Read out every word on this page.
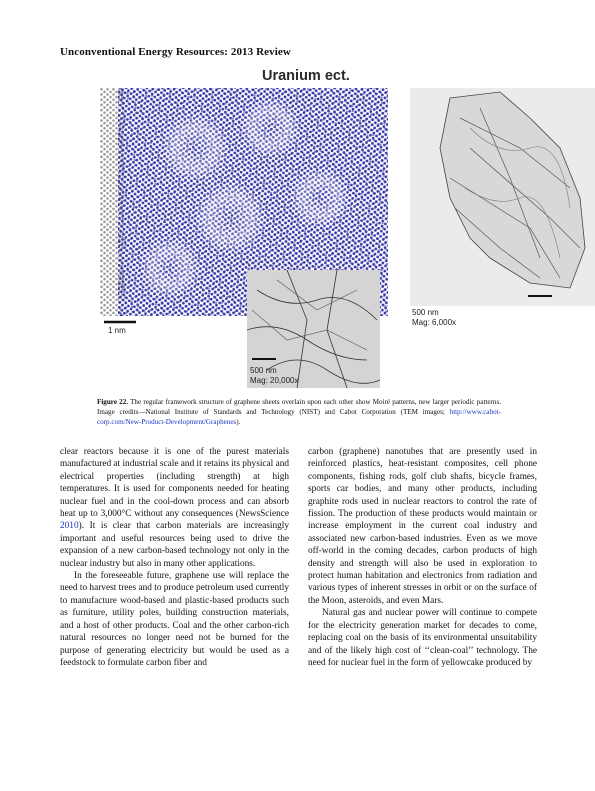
Unconventional Energy Resources: 2013 Review
Uranium ect.
1 nm
500 nm
Mag: 6,000x
500 nm
Mag: 20,000x
Figure 22. The regular framework structure of graphene sheets overlain upon each other show Moiré patterns, new larger periodic patterns. Image credits—National Institute of Standards and Technology (NIST) and Cabot Corporation (TEM images; http://www.cabot-corp.com/New-Product-Development/Graphenes).

clear reactors because it is one of the purest materials manufactured at industrial scale and it retains its physical and electrical properties (including strength) at high temperatures. It is used for components needed for heating nuclear fuel and in the cool-down process and can absorb heat up to 3,000°C without any consequences (NewsScience 2010). It is clear that carbon materials are increasingly important and useful resources being used to drive the expansion of a new carbon-based technology not only in the nuclear industry but also in many other applications.

In the foreseeable future, graphene use will replace the need to harvest trees and to produce petroleum used currently to manufacture wood-based and plastic-based products such as furniture, utility poles, building construction materials, and a host of other products. Coal and the other carbon-rich natural resources no longer need not be burned for the purpose of generating electricity but would be used as a feedstock to formulate carbon fiber and

carbon (graphene) nanotubes that are presently used in reinforced plastics, heat-resistant composites, cell phone components, fishing rods, golf club shafts, bicycle frames, sports car bodies, and many other products, including graphite rods used in nuclear reactors to control the rate of fission. The production of these products would maintain or increase employment in the current coal industry and associated new carbon-based industries. Even as we move off-world in the coming decades, carbon products of high density and strength will also be used in exploration to protect human habitation and electronics from radiation and various types of inherent stresses in orbit or on the surface of the Moon, asteroids, and even Mars.

Natural gas and nuclear power will continue to compete for the electricity generation market for decades to come, replacing coal on the basis of its environmental unsuitability and of the likely high cost of ‘‘clean-coal’’ technology. The need for nuclear fuel in the form of yellowcake produced by
